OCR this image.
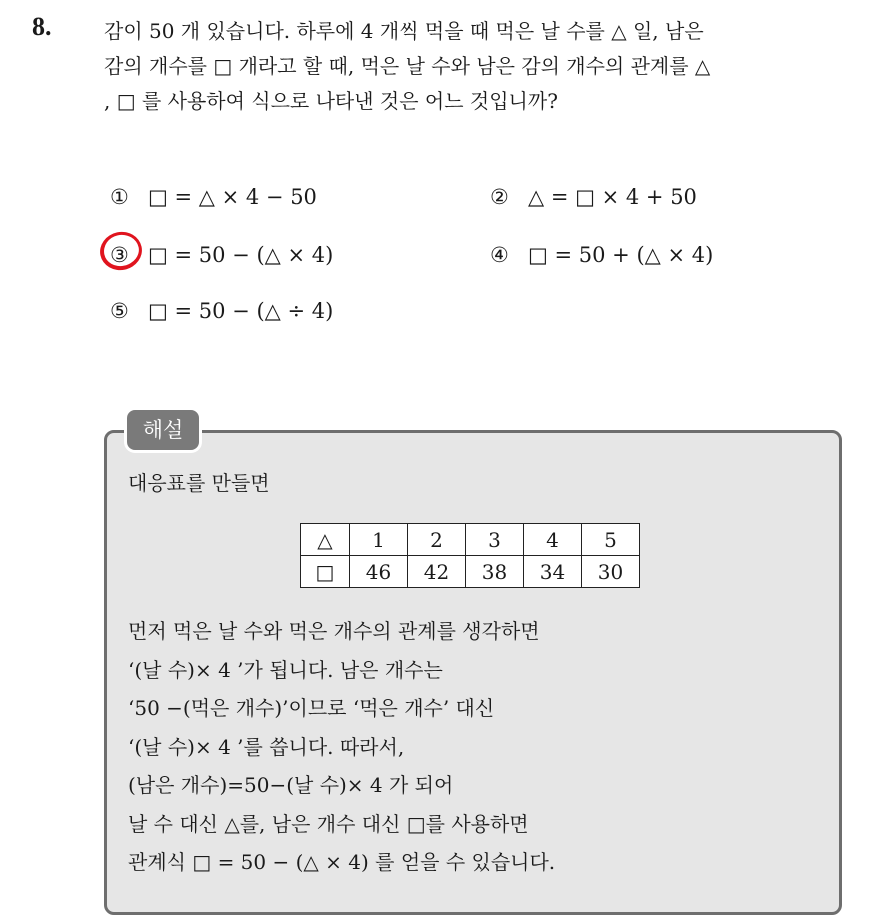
8.	감이 50 개 있습니다. 하루에 4 개씩 먹을 때 먹은 날 수를 △ 일, 남은

감의 개수를 □ 개라고 할 때, 먹은 날 수와 남은 감의 개수의 관계를 △

, □ 를 사용하여 식으로 나타낸 것은 어느 것입니까?

① □ = △ × 4 − 50	② △ = □ × 4 + 50
③ □ = 50 − (△ × 4)	④ □ = 50 + (△ × 4)
⑤ □ = 50 − (△ ÷ 4)
해설
대응표를 만들면
△	1	2	3	4	5
□	46	42	38	34	30
먼저 먹은 날 수와 먹은 개수의 관계를 생각하면
‘(날 수)× 4 ’가 됩니다. 남은 개수는
‘50 −(먹은 개수)’이므로 ‘먹은 개수’ 대신
‘(날 수)× 4 ’를 씁니다. 따라서,
(남은 개수)=50−(날 수)× 4 가 되어
날 수 대신 △를, 남은 개수 대신 □를 사용하면
관계식 □ = 50 − (△ × 4) 를 얻을 수 있습니다.
